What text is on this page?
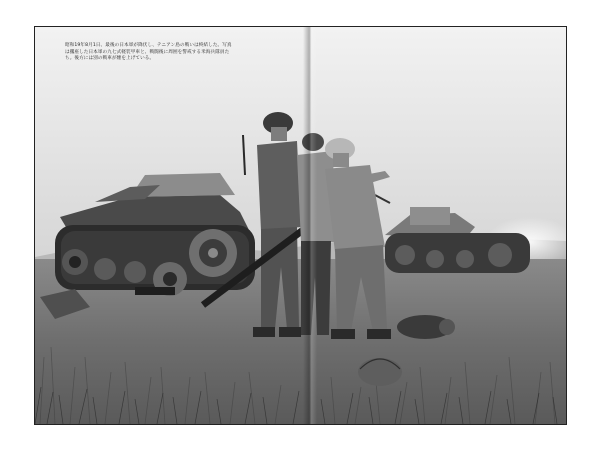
昭和19年8月1日、最後の日本軍が降伏し、テニアン島の戦いは終結した。写真は擱座した日本軍の九七式軽装甲車と、戦闘後に周囲を警戒する米海兵隊員たち。後方には別の戦車が煙を上げている。
